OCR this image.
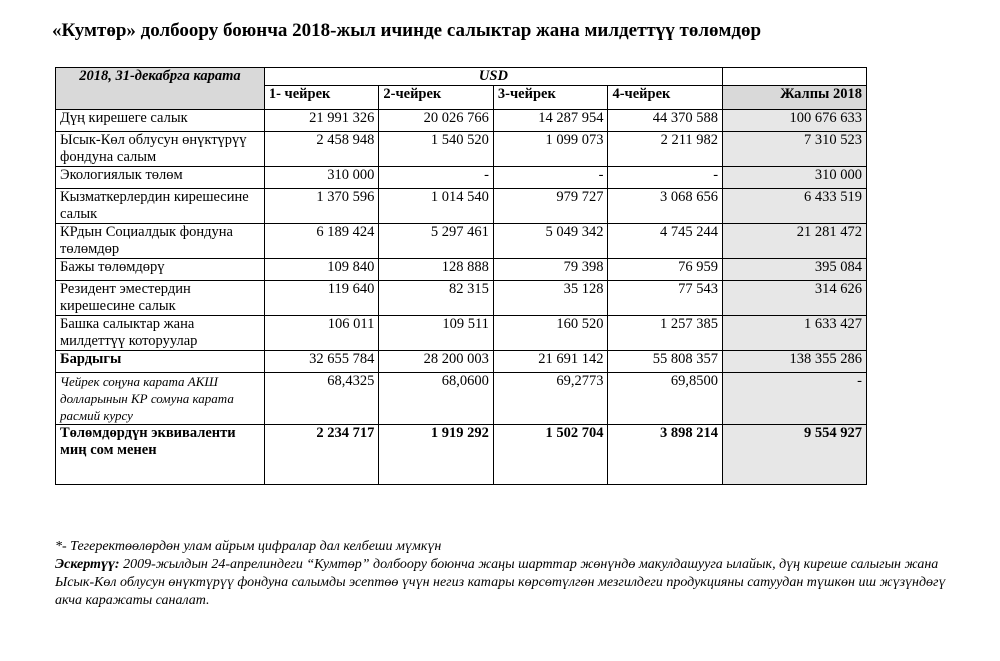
«Кумтөр» долбоору боюнча 2018-жыл ичинде салыктар жана милдеттүү төлөмдөр
2018, 31-декабрга карата	USD				
	1- чейрек	2-чейрек	3-чейрек	4-чейрек	Жалпы 2018
Дүң кирешеге салык	21 991 326	20 026 766	14 287 954	44 370 588	100 676 633
Ысык-Көл облусун өнүктүрүү фондуна салым	2 458 948	1 540 520	1 099 073	2 211 982	7 310 523
Экологиялык төлөм	310 000	-	-	-	310 000
Кызматкерлердин кирешесине салык	1 370 596	1 014 540	979 727	3 068 656	6 433 519
КРдын Социалдык фондуна төлөмдөр	6 189 424	5 297 461	5 049 342	4 745 244	21 281 472
Бажы төлөмдөрү	109 840	128 888	79 398	76 959	395 084
Резидент эместердин кирешесине салык	119 640	82 315	35 128	77 543	314 626
Башка салыктар жана милдеттүү которуулар	106 011	109 511	160 520	1 257 385	1 633 427
Бардыгы	32 655 784	28 200 003	21 691 142	55 808 357	138 355 286
Чейрек соңуна карата АКШ долларынын КР сомуна карата расмий курсу	68,4325	68,0600	69,2773	69,8500	-
Төлөмдөрдүн эквиваленти миң сом менен	2 234 717	1 919 292	1 502 704	3 898 214	9 554 927

*- Тегеректөөлөрдөн улам айрым цифралар дал келбеши мүмкүн

Эскертүү: 2009-жылдын 24-апрелиндеги “Кумтөр” долбоору боюнча жаңы шарттар жөнүндө макулдашууга ылайык, дүң кирешe салыгын жана Ысык-Көл облусун өнүктүрүү фондуна салымды эсептөө үчүн негиз катары көрсөтүлгөн мезгилдеги продукцияны сатуудан түшкөн иш жүзүндөгү акча каражаты саналат.
